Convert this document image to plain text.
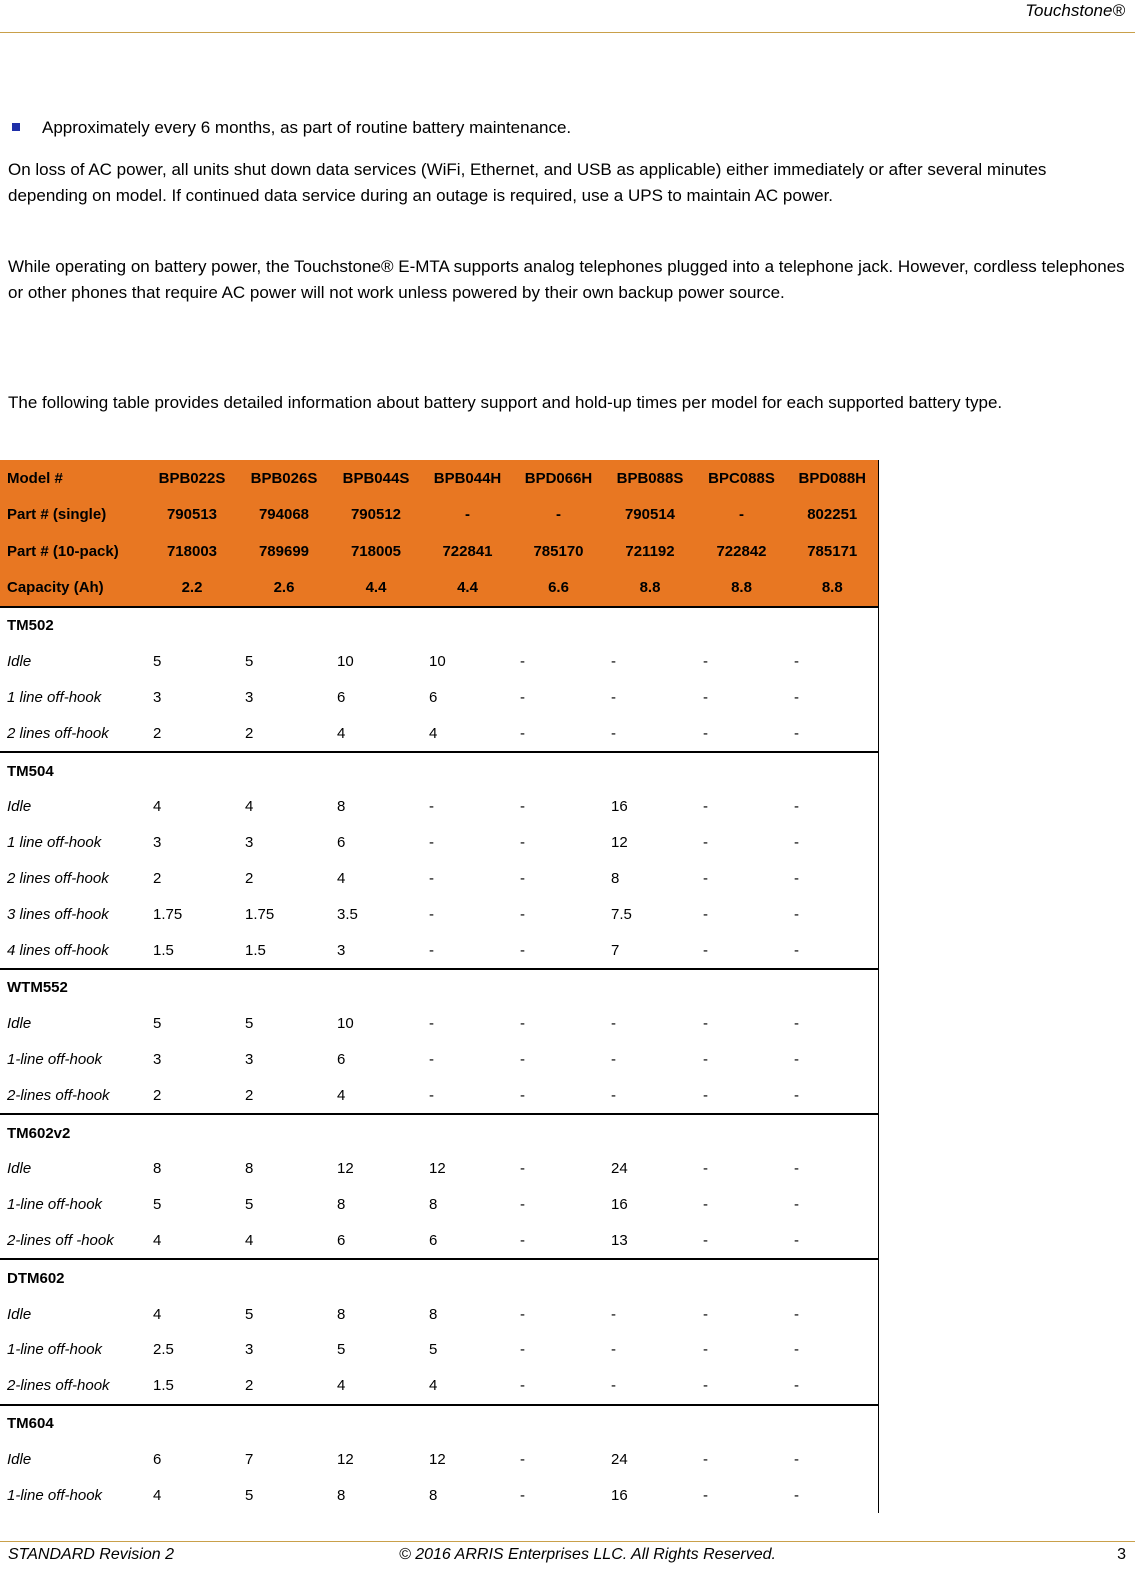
Touchstone®
Approximately every 6 months, as part of routine battery maintenance.
On loss of AC power, all units shut down data services (WiFi, Ethernet, and USB as applicable) either immediately or after several minutes depending on model. If continued data service during an outage is required, use a UPS to maintain AC power.
While operating on battery power, the Touchstone® E-MTA supports analog telephones plugged into a telephone jack. However, cordless telephones or other phones that require AC power will not work unless powered by their own backup power source.
The following table provides detailed information about battery support and hold-up times per model for each supported battery type.
Model #	BPB022S	BPB026S	BPB044S	BPB044H	BPD066H	BPB088S	BPC088S	BPD088H
Part # (single)	790513	794068	790512	-	-	790514	-	802251
Part # (10-pack)	718003	789699	718005	722841	785170	721192	722842	785171
Capacity (Ah)	2.2	2.6	4.4	4.4	6.6	8.8	8.8	8.8
TM502								
Idle	5	5	10	10	-	-	-	-
1 line off-hook	3	3	6	6	-	-	-	-
2 lines off-hook	2	2	4	4	-	-	-	-
TM504								
Idle	4	4	8	-	-	16	-	-
1 line off-hook	3	3	6	-	-	12	-	-
2 lines off-hook	2	2	4	-	-	8	-	-
3 lines off-hook	1.75	1.75	3.5	-	-	7.5	-	-
4 lines off-hook	1.5	1.5	3	-	-	7	-	-
WTM552								
Idle	5	5	10	-	-	-	-	-
1-line off-hook	3	3	6	-	-	-	-	-
2-lines off-hook	2	2	4	-	-	-	-	-
TM602v2								
Idle	8	8	12	12	-	24	-	-
1-line off-hook	5	5	8	8	-	16	-	-
2-lines off -hook	4	4	6	6	-	13	-	-
DTM602								
Idle	4	5	8	8	-	-	-	-
1-line off-hook	2.5	3	5	5	-	-	-	-
2-lines off-hook	1.5	2	4	4	-	-	-	-
TM604								
Idle	6	7	12	12	-	24	-	-
1-line off-hook	4	5	8	8	-	16	-	-
STANDARD Revision 2	© 2016 ARRIS Enterprises LLC. All Rights Reserved.	3
